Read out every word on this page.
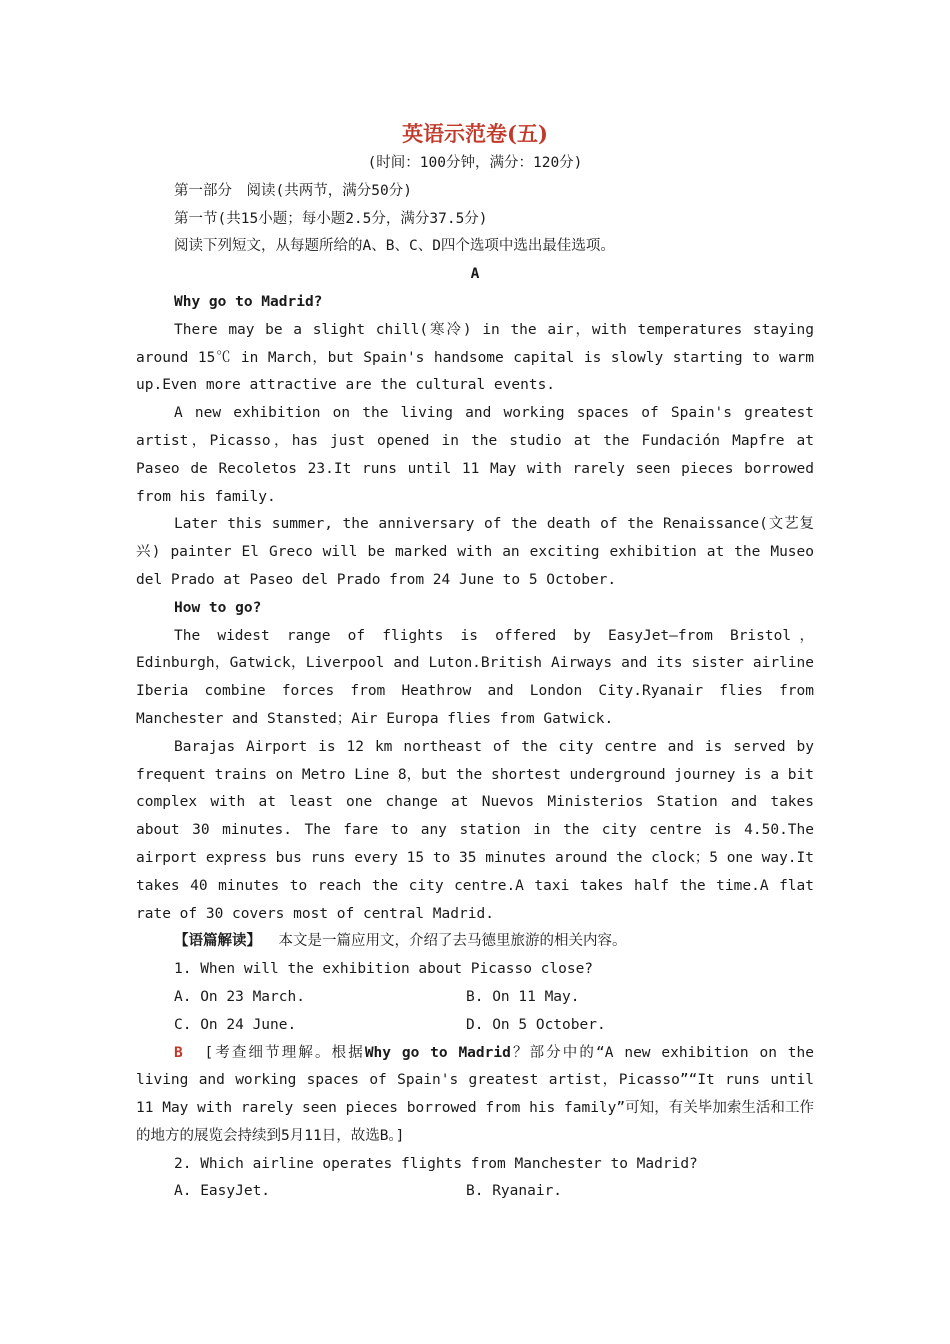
英语示范卷(五)
(时间：100分钟，满分：120分)
第一部分　阅读(共两节，满分50分)
第一节(共15小题；每小题2.5分，满分37.5分)
阅读下列短文，从每题所给的A、B、C、D四个选项中选出最佳选项。
A
Why go to Madrid?

There may be a slight chill(寒冷) in the air，with temperatures staying around 15℃ in March，but Spain's handsome capital is slowly starting to warm up.Even more attractive are the cultural events.

A new exhibition on the living and working spaces of Spain's greatest artist，Picasso，has just opened in the studio at the Fundación Mapfre at Paseo de Recoletos 23.It runs until 11 May with rarely seen pieces borrowed from his family.

Later this summer, the anniversary of the death of the Renaissance(文艺复兴) painter El Greco will be marked with an exciting exhibition at the Museo del Prado at Paseo del Prado from 24 June to 5 October.

How to go?

The widest range of flights is offered by EasyJet—from Bristol，Edinburgh，Gatwick，Liverpool and Luton.British Airways and its sister airline Iberia combine forces from Heathrow and London City.Ryanair flies from Manchester and Stansted；Air Europa flies from Gatwick.

Barajas Airport is 12 km northeast of the city centre and is served by frequent trains on Metro Line 8，but the shortest underground journey is a bit complex with at least one change at Nuevos Ministerios Station and takes about 30 minutes. The fare to any station in the city centre is 4.50.The airport express bus runs every 15 to 35 minutes around the clock；5 one way.It takes 40 minutes to reach the city centre.A taxi takes half the time.A flat rate of 30 covers most of central Madrid.

【语篇解读】 本文是一篇应用文，介绍了去马德里旅游的相关内容。
1. When will the exhibition about Picasso close?
A. On 23 March.	B. On 11 May.
C. On 24 June.	D. On 5 October.

B [考查细节理解。根据Why go to Madrid？部分中的“A new exhibition on the living and working spaces of Spain's greatest artist，Picasso”“It runs until 11 May with rarely seen pieces borrowed from his family”可知，有关毕加索生活和工作的地方的展览会持续到5月11日，故选B。]

2. Which airline operates flights from Manchester to Madrid?
A. EasyJet.	B. Ryanair.
